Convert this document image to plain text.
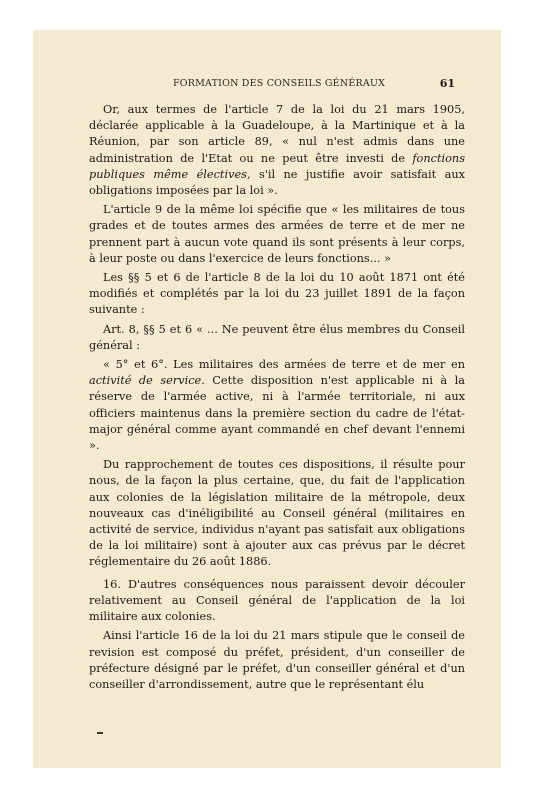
FORMATION DES CONSEILS GÉNÉRAUX	61

Or, aux termes de l'article 7 de la loi du 21 mars 1905, déclarée applicable à la Guadeloupe, à la Martinique et à la Réunion, par son article 89, « nul n'est admis dans une administration de l'Etat ou ne peut être investi de fonctions publiques même électives, s'il ne justifie avoir satisfait aux obligations imposées par la loi ».

L'article 9 de la même loi spécifie que « les militaires de tous grades et de toutes armes des armées de terre et de mer ne prennent part à aucun vote quand ils sont présents à leur corps, à leur poste ou dans l'exercice de leurs fonctions... »

Les §§ 5 et 6 de l'article 8 de la loi du 10 août 1871 ont été modifiés et complétés par la loi du 23 juillet 1891 de la façon suivante :

Art. 8, §§ 5 et 6 « ... Ne peuvent être élus membres du Conseil général :

« 5° et 6°. Les militaires des armées de terre et de mer en activité de service. Cette disposition n'est applicable ni à la réserve de l'armée active, ni à l'armée territoriale, ni aux officiers maintenus dans la première section du cadre de l'état-major général comme ayant commandé en chef devant l'ennemi ».

Du rapprochement de toutes ces dispositions, il résulte pour nous, de la façon la plus certaine, que, du fait de l'application aux colonies de la législation militaire de la métropole, deux nouveaux cas d'inéligibilité au Conseil général (militaires en activité de service, individus n'ayant pas satisfait aux obligations de la loi militaire) sont à ajouter aux cas prévus par le décret réglementaire du 26 août 1886.

16. D'autres conséquences nous paraissent devoir découler relativement au Conseil général de l'application de la loi militaire aux colonies.

Ainsi l'article 16 de la loi du 21 mars stipule que le conseil de revision est composé du préfet, président, d'un conseiller de préfecture désigné par le préfet, d'un conseiller général et d'un conseiller d'arrondissement, autre que le représentant élu
